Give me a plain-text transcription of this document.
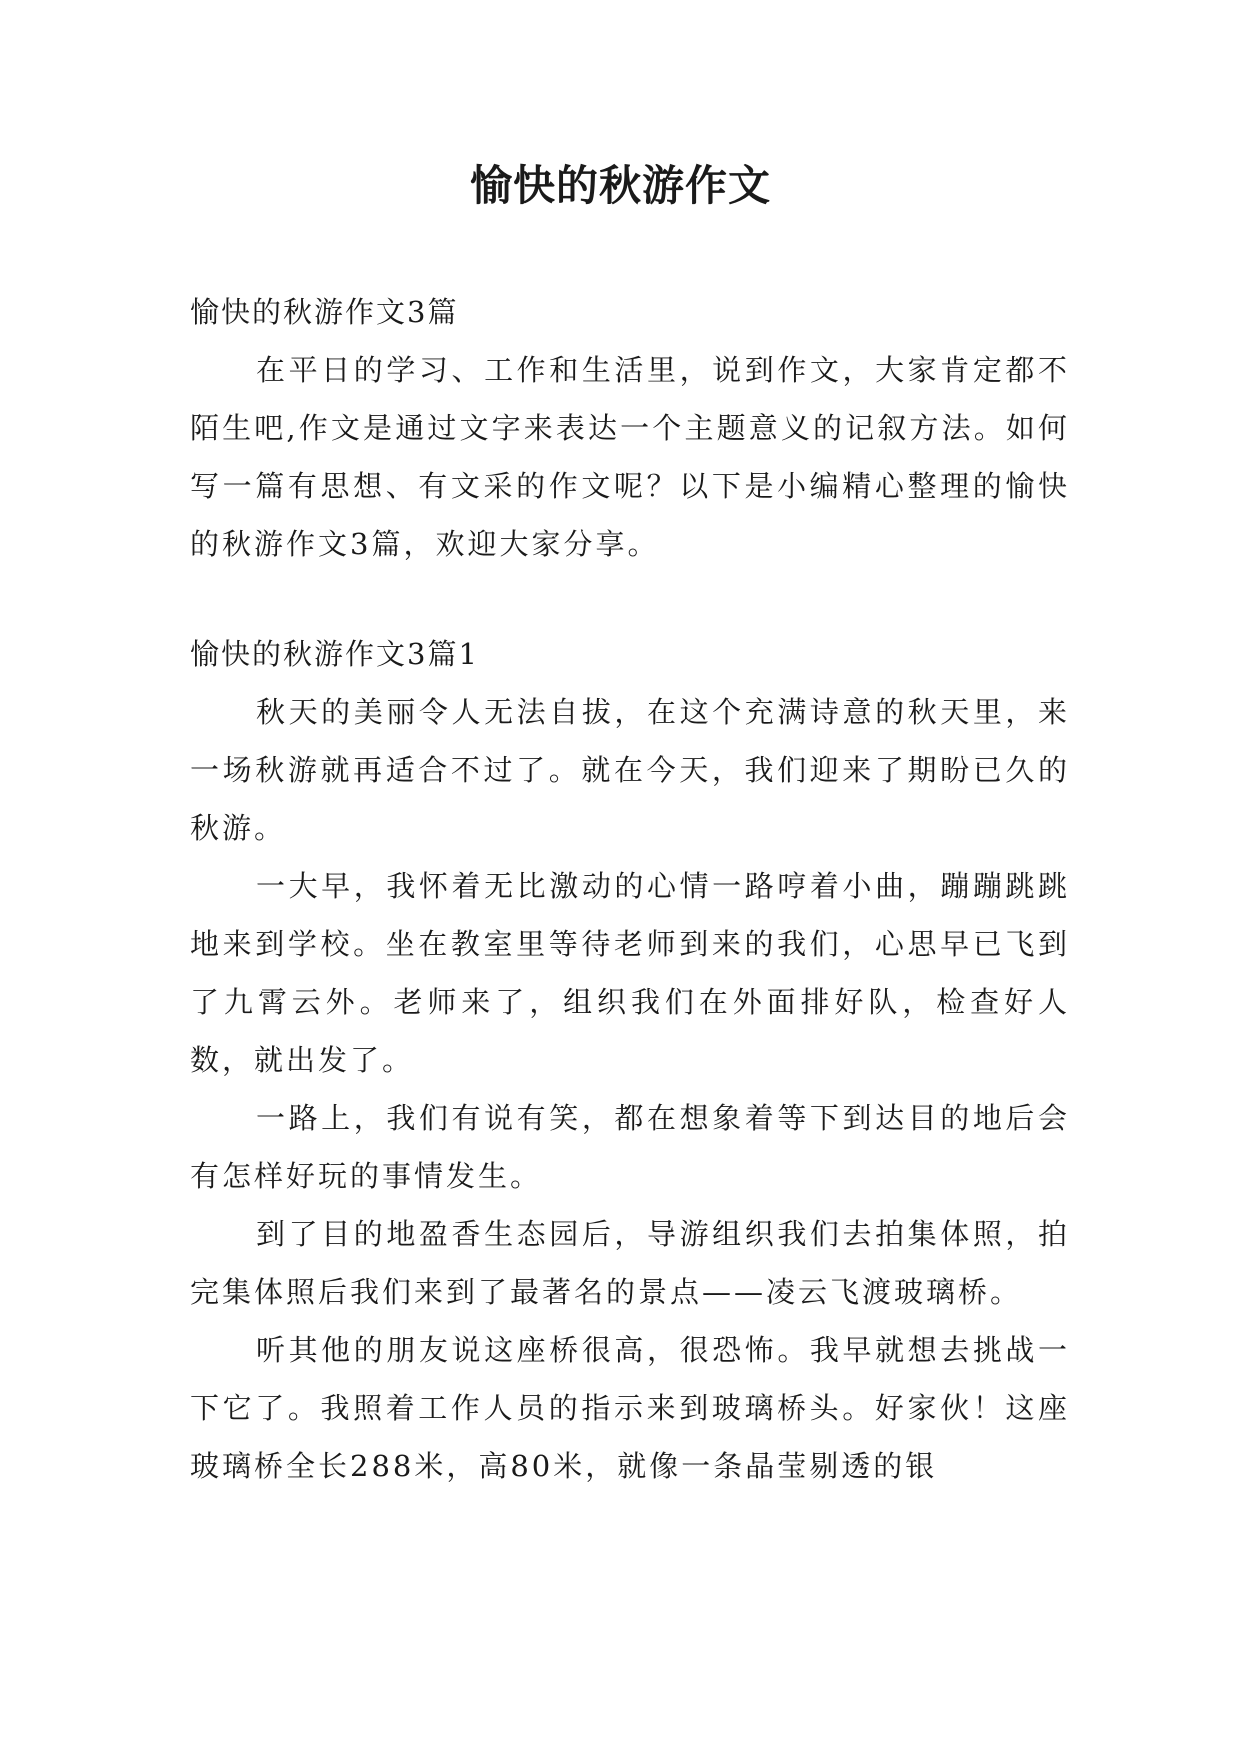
愉快的秋游作文

愉快的秋游作文3篇

在平日的学习、工作和生活里，说到作文，大家肯定都不陌生吧,作文是通过文字来表达一个主题意义的记叙方法。如何写一篇有思想、有文采的作文呢？以下是小编精心整理的愉快的秋游作文3篇，欢迎大家分享。

愉快的秋游作文3篇1

秋天的美丽令人无法自拔，在这个充满诗意的秋天里，来一场秋游就再适合不过了。就在今天，我们迎来了期盼已久的秋游。

一大早，我怀着无比激动的心情一路哼着小曲，蹦蹦跳跳地来到学校。坐在教室里等待老师到来的我们，心思早已飞到了九霄云外。老师来了，组织我们在外面排好队，检查好人数，就出发了。

一路上，我们有说有笑，都在想象着等下到达目的地后会有怎样好玩的事情发生。

到了目的地盈香生态园后，导游组织我们去拍集体照，拍完集体照后我们来到了最著名的景点——凌云飞渡玻璃桥。

听其他的朋友说这座桥很高，很恐怖。我早就想去挑战一下它了。我照着工作人员的指示来到玻璃桥头。好家伙！这座玻璃桥全长288米，高80米，就像一条晶莹剔透的银
